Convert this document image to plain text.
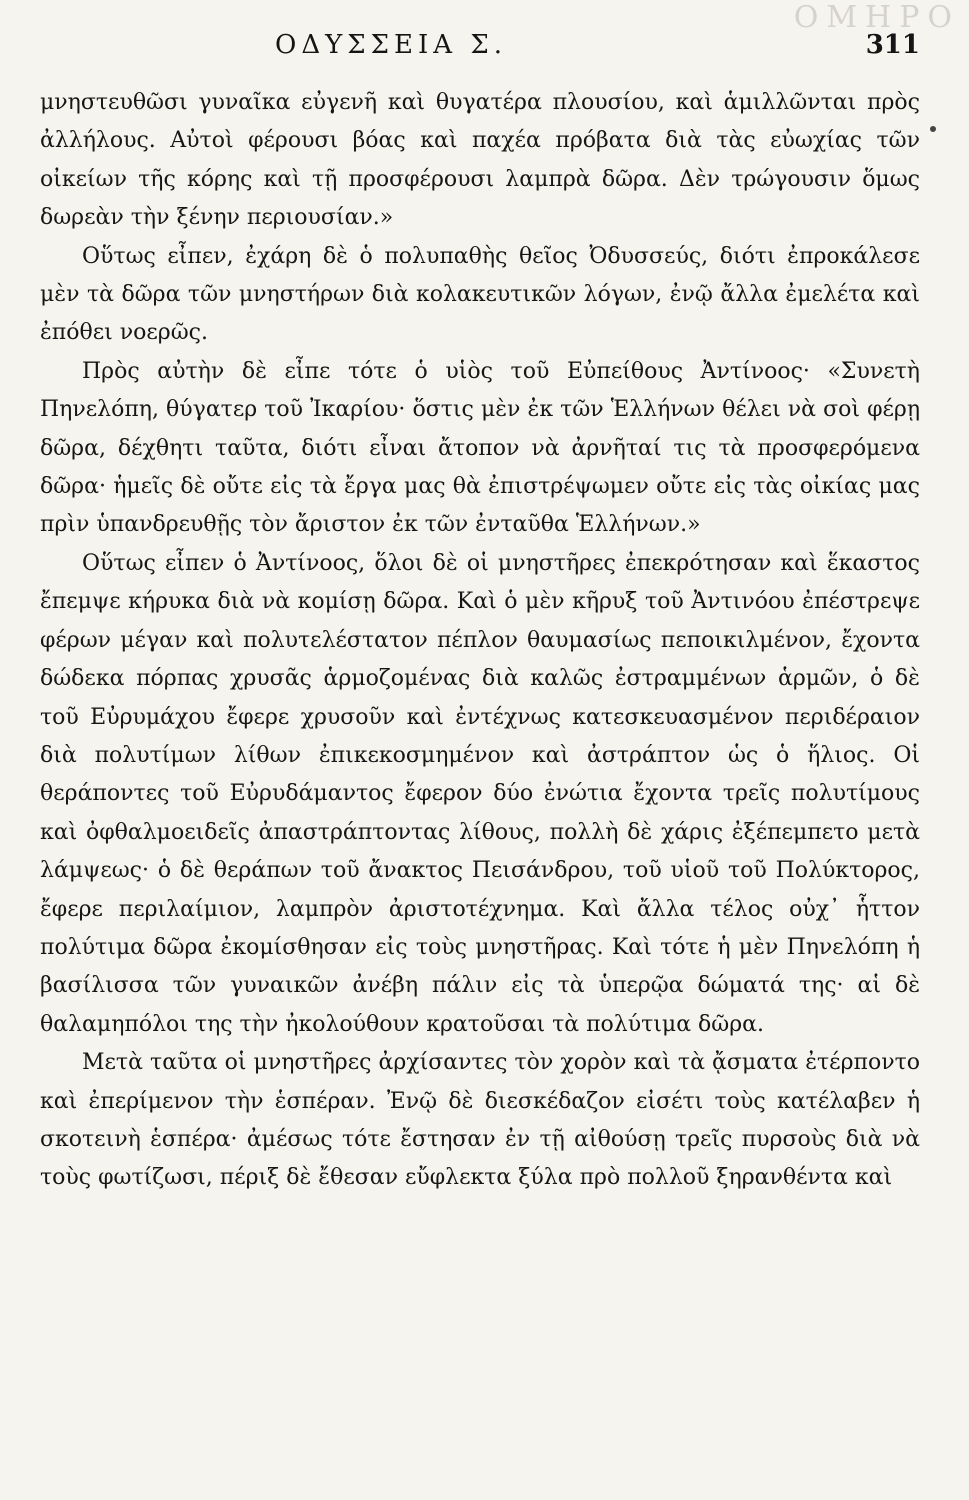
ΟΜΗΡΟ
ΟΔΥΣΣΕΙΑ Σ.	311

μνηστευθῶσι γυναῖκα εὐγενῆ καὶ θυγατέρα πλουσίου, καὶ ἁμιλλῶνται πρὸς ἀλλήλους. Αὐτοὶ φέρουσι βόας καὶ παχέα πρόβατα διὰ τὰς εὐωχίας τῶν οἰκείων τῆς κόρης καὶ τῇ προσφέρουσι λαμπρὰ δῶρα. Δὲν τρώγουσιν ὅμως δωρεὰν τὴν ξένην περιουσίαν.»

Οὕτως εἶπεν, ἐχάρη δὲ ὁ πολυπαθὴς θεῖος Ὀδυσσεύς, διότι ἐπροκάλεσε μὲν τὰ δῶρα τῶν μνηστήρων διὰ κολακευτικῶν λόγων, ἐνῷ ἄλλα ἐμελέτα καὶ ἐπόθει νοερῶς.

Πρὸς αὐτὴν δὲ εἶπε τότε ὁ υἱὸς τοῦ Εὐπείθους Ἀντίνοος· «Συνετὴ Πηνελόπη, θύγατερ τοῦ Ἰκαρίου· ὅστις μὲν ἐκ τῶν Ἑλλήνων θέλει νὰ σοὶ φέρῃ δῶρα, δέχθητι ταῦτα, διότι εἶναι ἄτοπον νὰ ἀρνῆταί τις τὰ προσφερόμενα δῶρα· ἡμεῖς δὲ οὔτε εἰς τὰ ἔργα μας θὰ ἐπιστρέψωμεν οὔτε εἰς τὰς οἰκίας μας πρὶν ὑπανδρευθῇς τὸν ἄριστον ἐκ τῶν ἐνταῦθα Ἑλλήνων.»

Οὕτως εἶπεν ὁ Ἀντίνοος, ὅλοι δὲ οἱ μνηστῆρες ἐπεκρότησαν καὶ ἕκαστος ἔπεμψε κήρυκα διὰ νὰ κομίσῃ δῶρα. Καὶ ὁ μὲν κῆρυξ τοῦ Ἀντινόου ἐπέστρεψε φέρων μέγαν καὶ πολυτελέστατον πέπλον θαυμασίως πεποικιλμένον, ἔχοντα δώδεκα πόρπας χρυσᾶς ἁρμοζομένας διὰ καλῶς ἐστραμμένων ἁρμῶν, ὁ δὲ τοῦ Εὐρυμάχου ἔφερε χρυσοῦν καὶ ἐντέχνως κατεσκευασμένον περιδέραιον διὰ πολυτίμων λίθων ἐπικεκοσμημένον καὶ ἀστράπτον ὡς ὁ ἥλιος. Οἱ θεράποντες τοῦ Εὐρυδάμαντος ἔφερον δύο ἐνώτια ἔχοντα τρεῖς πολυτίμους καὶ ὀφθαλμοειδεῖς ἀπαστράπτοντας λίθους, πολλὴ δὲ χάρις ἐξέπεμπετο μετὰ λάμψεως· ὁ δὲ θεράπων τοῦ ἄνακτος Πεισάνδρου, τοῦ υἱοῦ τοῦ Πολύκτορος, ἔφερε περιλαίμιον, λαμπρὸν ἀριστοτέχνημα. Καὶ ἄλλα τέλος οὐχ᾽ ἧττον πολύτιμα δῶρα ἐκομίσθησαν εἰς τοὺς μνηστῆρας. Καὶ τότε ἡ μὲν Πηνελόπη ἡ βασίλισσα τῶν γυναικῶν ἀνέβη πάλιν εἰς τὰ ὑπερῷα δώματά της· αἱ δὲ θαλαμηπόλοι της τὴν ἠκολούθουν κρατοῦσαι τὰ πολύτιμα δῶρα.

Μετὰ ταῦτα οἱ μνηστῆρες ἀρχίσαντες τὸν χορὸν καὶ τὰ ᾄσματα ἐτέρποντο καὶ ἐπερίμενον τὴν ἑσπέραν. Ἐνῷ δὲ διεσκέδαζον εἰσέτι τοὺς κατέλαβεν ἡ σκοτεινὴ ἑσπέρα· ἀμέσως τότε ἔστησαν ἐν τῇ αἰθούσῃ τρεῖς πυρσοὺς διὰ νὰ τοὺς φωτίζωσι, πέριξ δὲ ἔθεσαν εὔφλεκτα ξύλα πρὸ πολλοῦ ξηρανθέντα καὶ
